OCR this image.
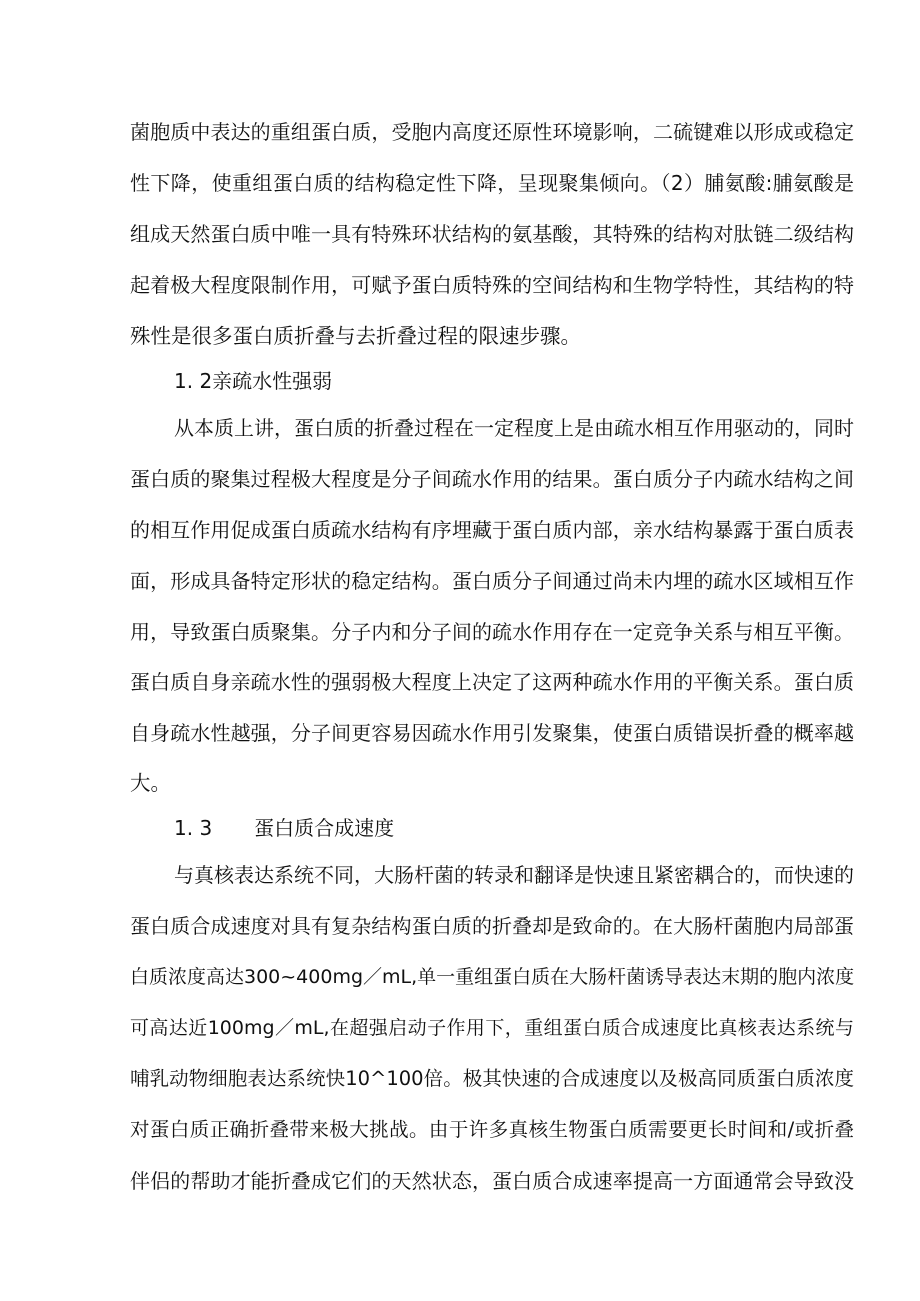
菌胞质中表达的重组蛋白质，受胞内高度还原性环境影响，二硫键难以形成或稳定
性下降，使重组蛋白质的结构稳定性下降，呈现聚集倾向。（2）脯氨酸:脯氨酸是
组成天然蛋白质中唯一具有特殊环状结构的氨基酸，其特殊的结构对肽链二级结构
起着极大程度限制作用，可赋予蛋白质特殊的空间结构和生物学特性，其结构的特
殊性是很多蛋白质折叠与去折叠过程的限速步骤。
1. 2亲疏水性强弱
从本质上讲，蛋白质的折叠过程在一定程度上是由疏水相互作用驱动的，同时
蛋白质的聚集过程极大程度是分子间疏水作用的结果。蛋白质分子内疏水结构之间
的相互作用促成蛋白质疏水结构有序埋藏于蛋白质内部，亲水结构暴露于蛋白质表
面，形成具备特定形状的稳定结构。蛋白质分子间通过尚未内埋的疏水区域相互作
用，导致蛋白质聚集。分子内和分子间的疏水作用存在一定竞争关系与相互平衡。
蛋白质自身亲疏水性的强弱极大程度上决定了这两种疏水作用的平衡关系。蛋白质
自身疏水性越强，分子间更容易因疏水作用引发聚集，使蛋白质错误折叠的概率越
大。
1. 3 蛋白质合成速度
与真核表达系统不同，大肠杆菌的转录和翻译是快速且紧密耦合的，而快速的
蛋白质合成速度对具有复杂结构蛋白质的折叠却是致命的。在大肠杆菌胞内局部蛋
白质浓度高达300~400mg／mL,单一重组蛋白质在大肠杆菌诱导表达末期的胞内浓度
可高达近100mg／mL,在超强启动子作用下，重组蛋白质合成速度比真核表达系统与
哺乳动物细胞表达系统快10^100倍。极其快速的合成速度以及极高同质蛋白质浓度
对蛋白质正确折叠带来极大挑战。由于许多真核生物蛋白质需要更长时间和/或折叠
伴侣的帮助才能折叠成它们的天然状态，蛋白质合成速率提高一方面通常会导致没
